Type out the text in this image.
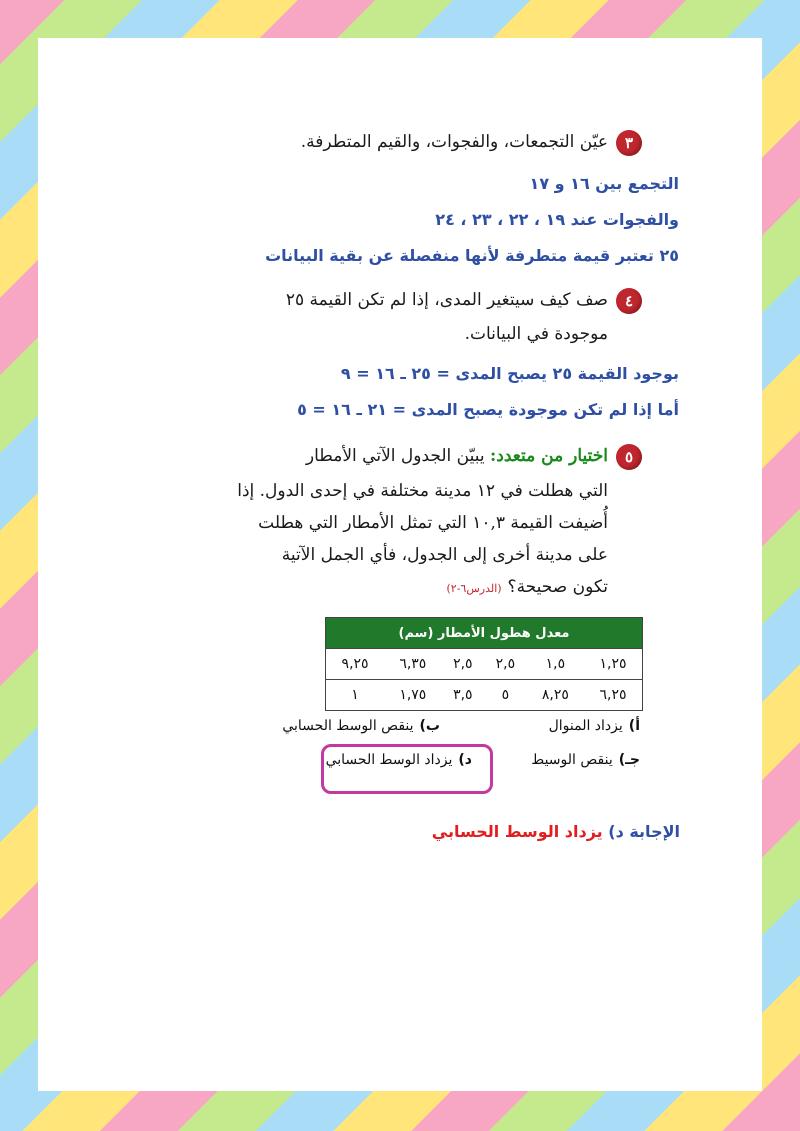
٣عيّن التجمعات، والفجوات، والقيم المتطرفة.
التجمع بين ١٦ و ١٧
والفجوات عند ١٩ ، ٢٢ ، ٢٣ ، ٢٤
٢٥ تعتبر قيمة متطرفة لأنها منفصلة عن بقية البيانات
٤صف كيف سيتغير المدى، إذا لم تكن القيمة ٢٥
موجودة في البيانات.
بوجود القيمة ٢٥ يصبح المدى = ٢٥ ـ ١٦ = ٩
أما إذا لم تكن موجودة يصبح المدى = ٢١ ـ ١٦ = ٥
٥اختيار من متعدد: يبيّن الجدول الآتي الأمطار
التي هطلت في ١٢ مدينة مختلفة في إحدى الدول. إذا
أُضيفت القيمة ١٠,٣ التي تمثل الأمطار التي هطلت
على مدينة أخرى إلى الجدول، فأي الجمل الآتية
تكون صحيحة؟(الدرس٦-٢)
معدل هطول الأمطار (سم)					
١,٢٥	١,٥	٢,٥	٢,٥	٦,٣٥	٩,٢٥
٦,٢٥	٨,٢٥	٥	٣,٥	١,٧٥	١
أ)يزداد المنوال
ب)ينقص الوسط الحسابي
جـ)ينقص الوسيط
د)يزداد الوسط الحسابي
الإجابة د) يزداد الوسط الحسابي
